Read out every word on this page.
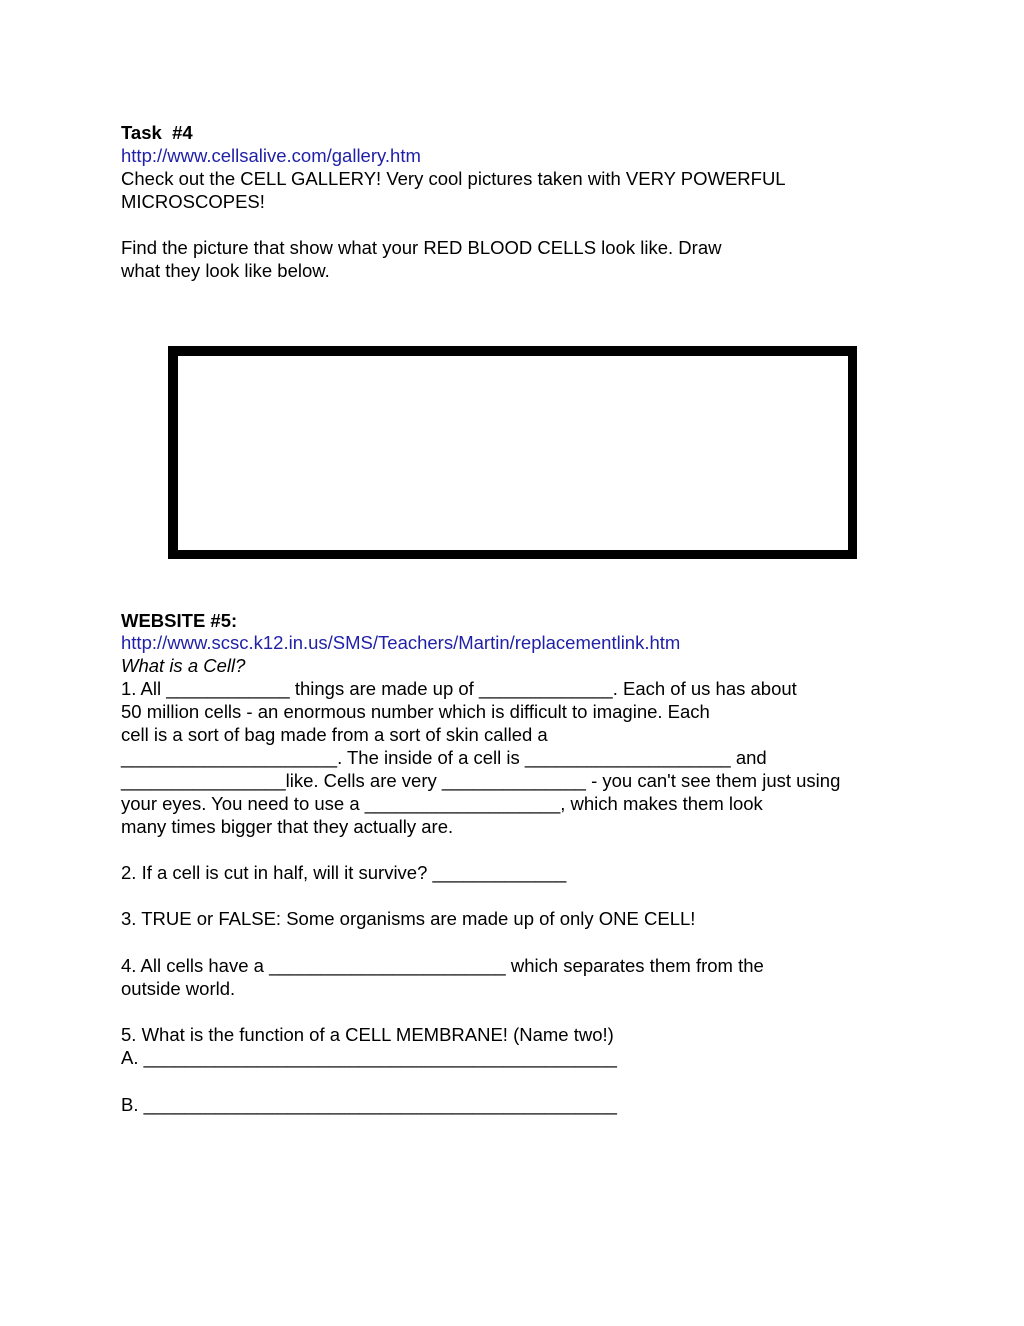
Task  #4
http://www.cellsalive.com/gallery.htm
Check out the CELL GALLERY! Very cool pictures taken with VERY POWERFUL
MICROSCOPES!
Find the picture that show what your RED BLOOD CELLS look like. Draw
what they look like below.
WEBSITE #5:
http://www.scsc.k12.in.us/SMS/Teachers/Martin/replacementlink.htm
What is a Cell?
1. All ____________ things are made up of _____________. Each of us has about
50 million cells - an enormous number which is difficult to imagine. Each
cell is a sort of bag made from a sort of skin called a
_____________________. The inside of a cell is ____________________ and
________________like. Cells are very ______________ - you can't see them just using
your eyes. You need to use a ___________________, which makes them look
many times bigger that they actually are.
2. If a cell is cut in half, will it survive? _____________
3. TRUE or FALSE: Some organisms are made up of only ONE CELL!
4. All cells have a _______________________ which separates them from the
outside world.
5. What is the function of a CELL MEMBRANE! (Name two!)
A. ______________________________________________
B. ______________________________________________
